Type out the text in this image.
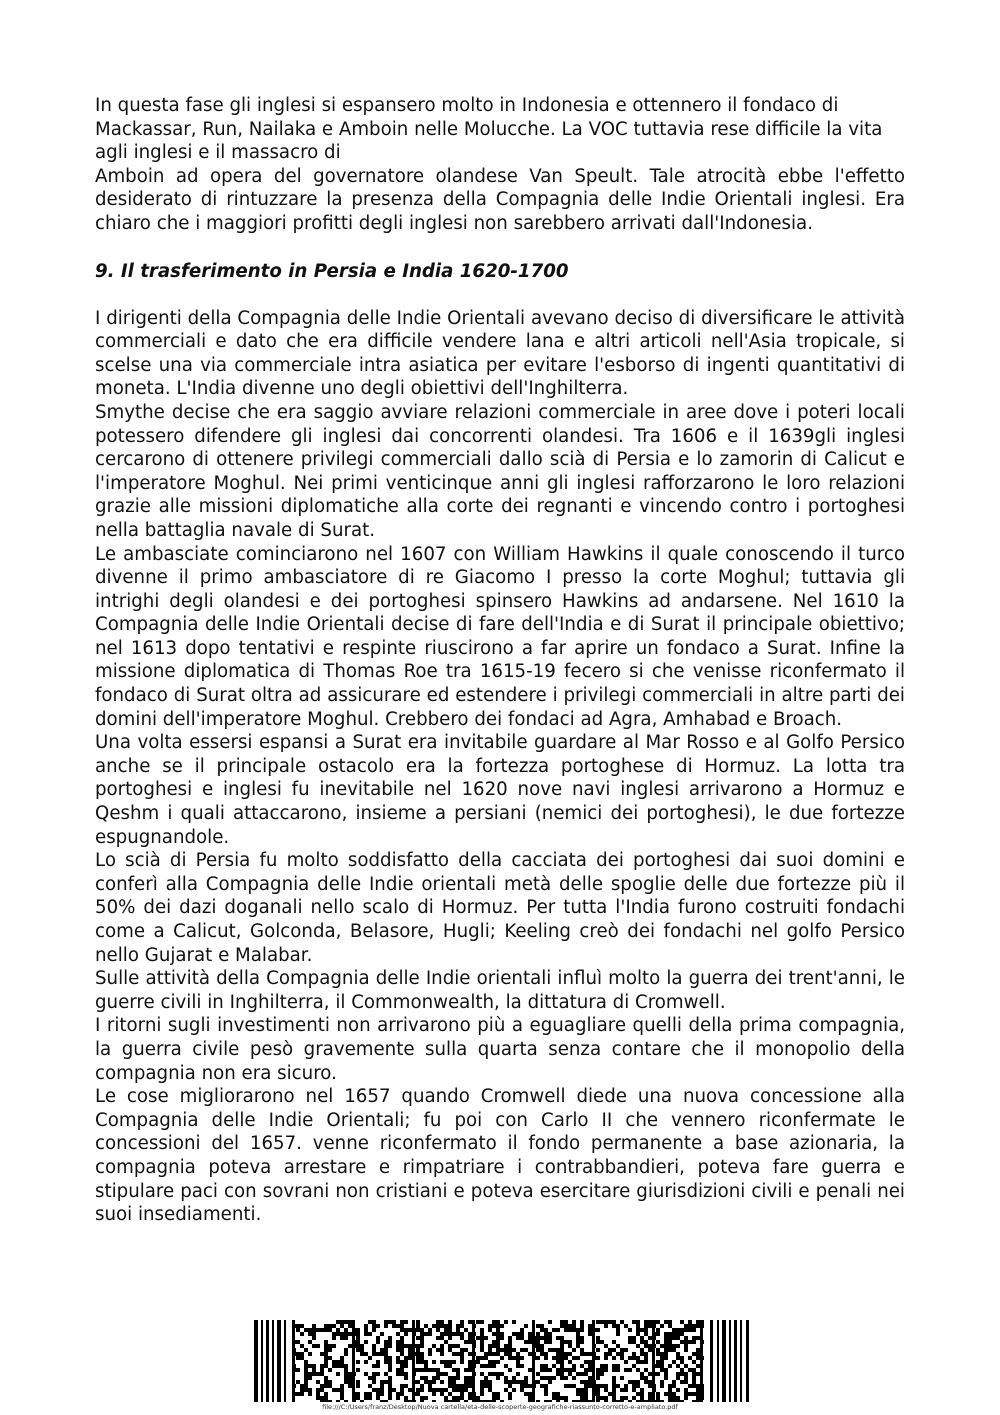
In questa fase gli inglesi si espansero molto in Indonesia e ottennero il fondaco di Mackassar, Run, Nailaka e Amboin nelle Molucche. La VOC tuttavia rese difficile la vita agli inglesi e il massacro di

Amboin ad opera del governatore olandese Van Speult. Tale atrocità ebbe l'effetto desiderato di rintuzzare la presenza della Compagnia delle Indie Orientali inglesi. Era chiaro che i maggiori profitti degli inglesi non sarebbero arrivati dall'Indonesia.

9. Il trasferimento in Persia e India 1620-1700

I dirigenti della Compagnia delle Indie Orientali avevano deciso di diversificare le attività commerciali e dato che era difficile vendere lana e altri articoli nell'Asia tropicale, si scelse una via commerciale intra asiatica per evitare l'esborso di ingenti quantitativi di moneta. L'India divenne uno degli obiettivi dell'Inghilterra.

Smythe decise che era saggio avviare relazioni commerciale in aree dove i poteri locali potessero difendere gli inglesi dai concorrenti olandesi. Tra 1606 e il 1639gli inglesi cercarono di ottenere privilegi commerciali dallo scià di Persia e lo zamorin di Calicut e l'imperatore Moghul. Nei primi venticinque anni gli inglesi rafforzarono le loro relazioni grazie alle missioni diplomatiche alla corte dei regnanti e vincendo contro i portoghesi nella battaglia navale di Surat.

Le ambasciate cominciarono nel 1607 con William Hawkins il quale conoscendo il turco divenne il primo ambasciatore di re Giacomo I presso la corte Moghul; tuttavia gli intrighi degli olandesi e dei portoghesi spinsero Hawkins ad andarsene. Nel 1610 la Compagnia delle Indie Orientali decise di fare dell'India e di Surat il principale obiettivo; nel 1613 dopo tentativi e respinte riuscirono a far aprire un fondaco a Surat. Infine la missione diplomatica di Thomas Roe tra 1615-19 fecero si che venisse riconfermato il fondaco di Surat oltra ad assicurare ed estendere i privilegi commerciali in altre parti dei domini dell'imperatore Moghul. Crebbero dei fondaci ad Agra, Amhabad e Broach.

Una volta essersi espansi a Surat era invitabile guardare al Mar Rosso e al Golfo Persico anche se il principale ostacolo era la fortezza portoghese di Hormuz. La lotta tra portoghesi e inglesi fu inevitabile nel 1620 nove navi inglesi arrivarono a Hormuz e Qeshm i quali attaccarono, insieme a persiani (nemici dei portoghesi), le due fortezze espugnandole.

Lo scià di Persia fu molto soddisfatto della cacciata dei portoghesi dai suoi domini e conferì alla Compagnia delle Indie orientali metà delle spoglie delle due fortezze più il 50% dei dazi doganali nello scalo di Hormuz. Per tutta l'India furono costruiti fondachi come a Calicut, Golconda, Belasore, Hugli; Keeling creò dei fondachi nel golfo Persico nello Gujarat e Malabar.

Sulle attività della Compagnia delle Indie orientali influì molto la guerra dei trent'anni, le guerre civili in Inghilterra, il Commonwealth, la dittatura di Cromwell.

I ritorni sugli investimenti non arrivarono più a eguagliare quelli della prima compagnia, la guerra civile pesò gravemente sulla quarta senza contare che il monopolio della compagnia non era sicuro.

Le cose migliorarono nel 1657 quando Cromwell diede una nuova concessione alla Compagnia delle Indie Orientali; fu poi con Carlo II che vennero riconfermate le concessioni del 1657. venne riconfermato il fondo permanente a base azionaria, la compagnia poteva arrestare e rimpatriare i contrabbandieri, poteva fare guerra e stipulare paci con sovrani non cristiani e poteva esercitare giurisdizioni civili e penali nei suoi insediamenti.

file:///C:/Users/franz/Desktop/Nuova cartella/eta-delle-scoperte-geografiche-riassunto-corretto-e-ampliato.pdf
